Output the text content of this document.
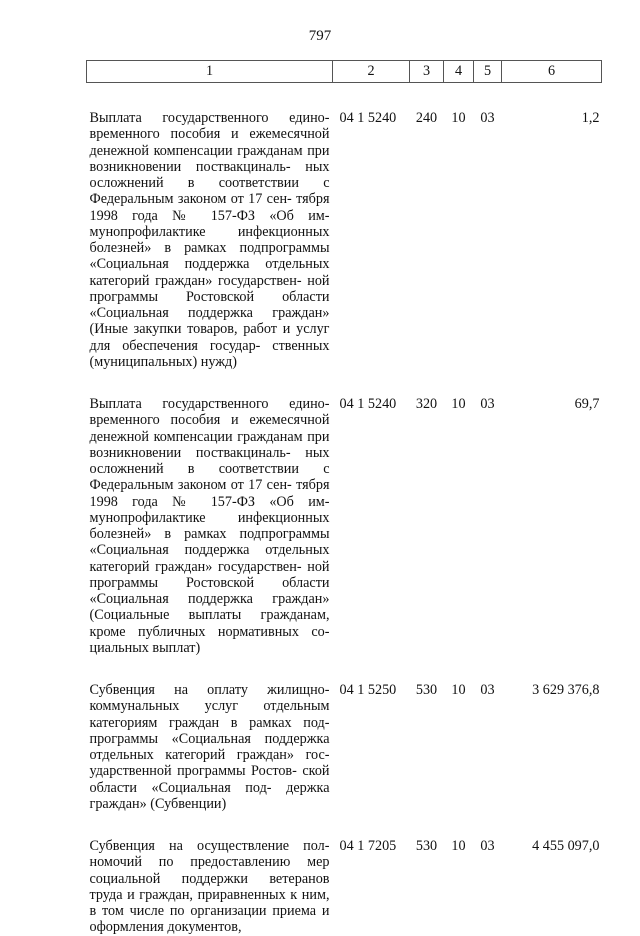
797
1	2	3	4	5	6
Выплата государственного едино- временного пособия и ежемесячной денежной компенсации гражданам при возникновении поствакциналь- ных осложнений в соответствии с Федеральным законом от 17 сен- тября 1998 года № 157-ФЗ «Об им- мунопрофилактике инфекционных болезней» в рамках подпрограммы «Социальная поддержка отдельных категорий граждан» государствен- ной программы Ростовской области «Социальная поддержка граждан» (Иные закупки товаров, работ и услуг для обеспечения государ- ственных (муниципальных) нужд)	04 1 5240	240	10	03	1,2
Выплата государственного едино- временного пособия и ежемесячной денежной компенсации гражданам при возникновении поствакциналь- ных осложнений в соответствии с Федеральным законом от 17 сен- тября 1998 года № 157-ФЗ «Об им- мунопрофилактике инфекционных болезней» в рамках подпрограммы «Социальная поддержка отдельных категорий граждан» государствен- ной программы Ростовской области «Социальная поддержка граждан» (Социальные выплаты гражданам, кроме публичных нормативных со- циальных выплат)	04 1 5240	320	10	03	69,7
Субвенция на оплату жилищно- коммунальных услуг отдельным категориям граждан в рамках под- программы «Социальная поддержка отдельных категорий граждан» гос- ударственной программы Ростов- ской области «Социальная под- держка граждан» (Субвенции)	04 1 5250	530	10	03	3 629 376,8
Субвенция на осуществление пол- номочий по предоставлению мер социальной поддержки ветеранов труда и граждан, приравненных к ним, в том числе по организации приема и оформления документов,	04 1 7205	530	10	03	4 455 097,0
